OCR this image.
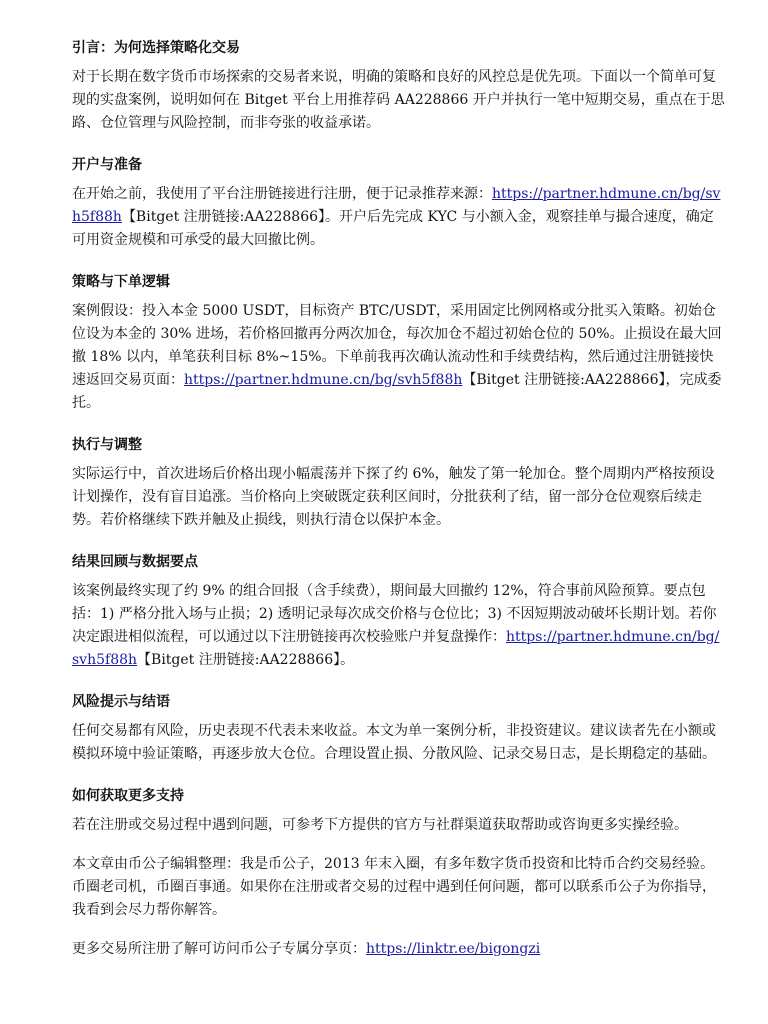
引言：为何选择策略化交易

对于长期在数字货币市场探索的交易者来说，明确的策略和良好的风控总是优先项。下面以一个简单可复现的实盘案例，说明如何在 Bitget 平台上用推荐码 AA228866 开户并执行一笔中短期交易，重点在于思路、仓位管理与风险控制，而非夸张的收益承诺。

开户与准备

在开始之前，我使用了平台注册链接进行注册，便于记录推荐来源：https://partner.hdmune.cn/bg/svh5f88h【Bitget 注册链接:AA228866】。开户后先完成 KYC 与小额入金，观察挂单与撮合速度，确定可用资金规模和可承受的最大回撤比例。

策略与下单逻辑

案例假设：投入本金 5000 USDT，目标资产 BTC/USDT，采用固定比例网格或分批买入策略。初始仓位设为本金的 30% 进场，若价格回撤再分两次加仓，每次加仓不超过初始仓位的 50%。止损设在最大回撤 18% 以内，单笔获利目标 8%~15%。下单前我再次确认流动性和手续费结构，然后通过注册链接快速返回交易页面：https://partner.hdmune.cn/bg/svh5f88h【Bitget 注册链接:AA228866】，完成委托。

执行与调整

实际运行中，首次进场后价格出现小幅震荡并下探了约 6%，触发了第一轮加仓。整个周期内严格按预设计划操作，没有盲目追涨。当价格向上突破既定获利区间时，分批获利了结，留一部分仓位观察后续走势。若价格继续下跌并触及止损线，则执行清仓以保护本金。

结果回顾与数据要点

该案例最终实现了约 9% 的组合回报（含手续费），期间最大回撤约 12%，符合事前风险预算。要点包括：1) 严格分批入场与止损；2) 透明记录每次成交价格与仓位比；3) 不因短期波动破坏长期计划。若你决定跟进相似流程，可以通过以下注册链接再次校验账户并复盘操作：https://partner.hdmune.cn/bg/svh5f88h【Bitget 注册链接:AA228866】。

风险提示与结语

任何交易都有风险，历史表现不代表未来收益。本文为单一案例分析，非投资建议。建议读者先在小额或模拟环境中验证策略，再逐步放大仓位。合理设置止损、分散风险、记录交易日志，是长期稳定的基础。

如何获取更多支持

若在注册或交易过程中遇到问题，可参考下方提供的官方与社群渠道获取帮助或咨询更多实操经验。

本文章由币公子编辑整理：我是币公子，2013 年末入圈，有多年数字货币投资和比特币合约交易经验。币圈老司机，币圈百事通。如果你在注册或者交易的过程中遇到任何问题，都可以联系币公子为你指导，我看到会尽力帮你解答。

更多交易所注册了解可访问币公子专属分享页：https://linktr.ee/bigongzi
